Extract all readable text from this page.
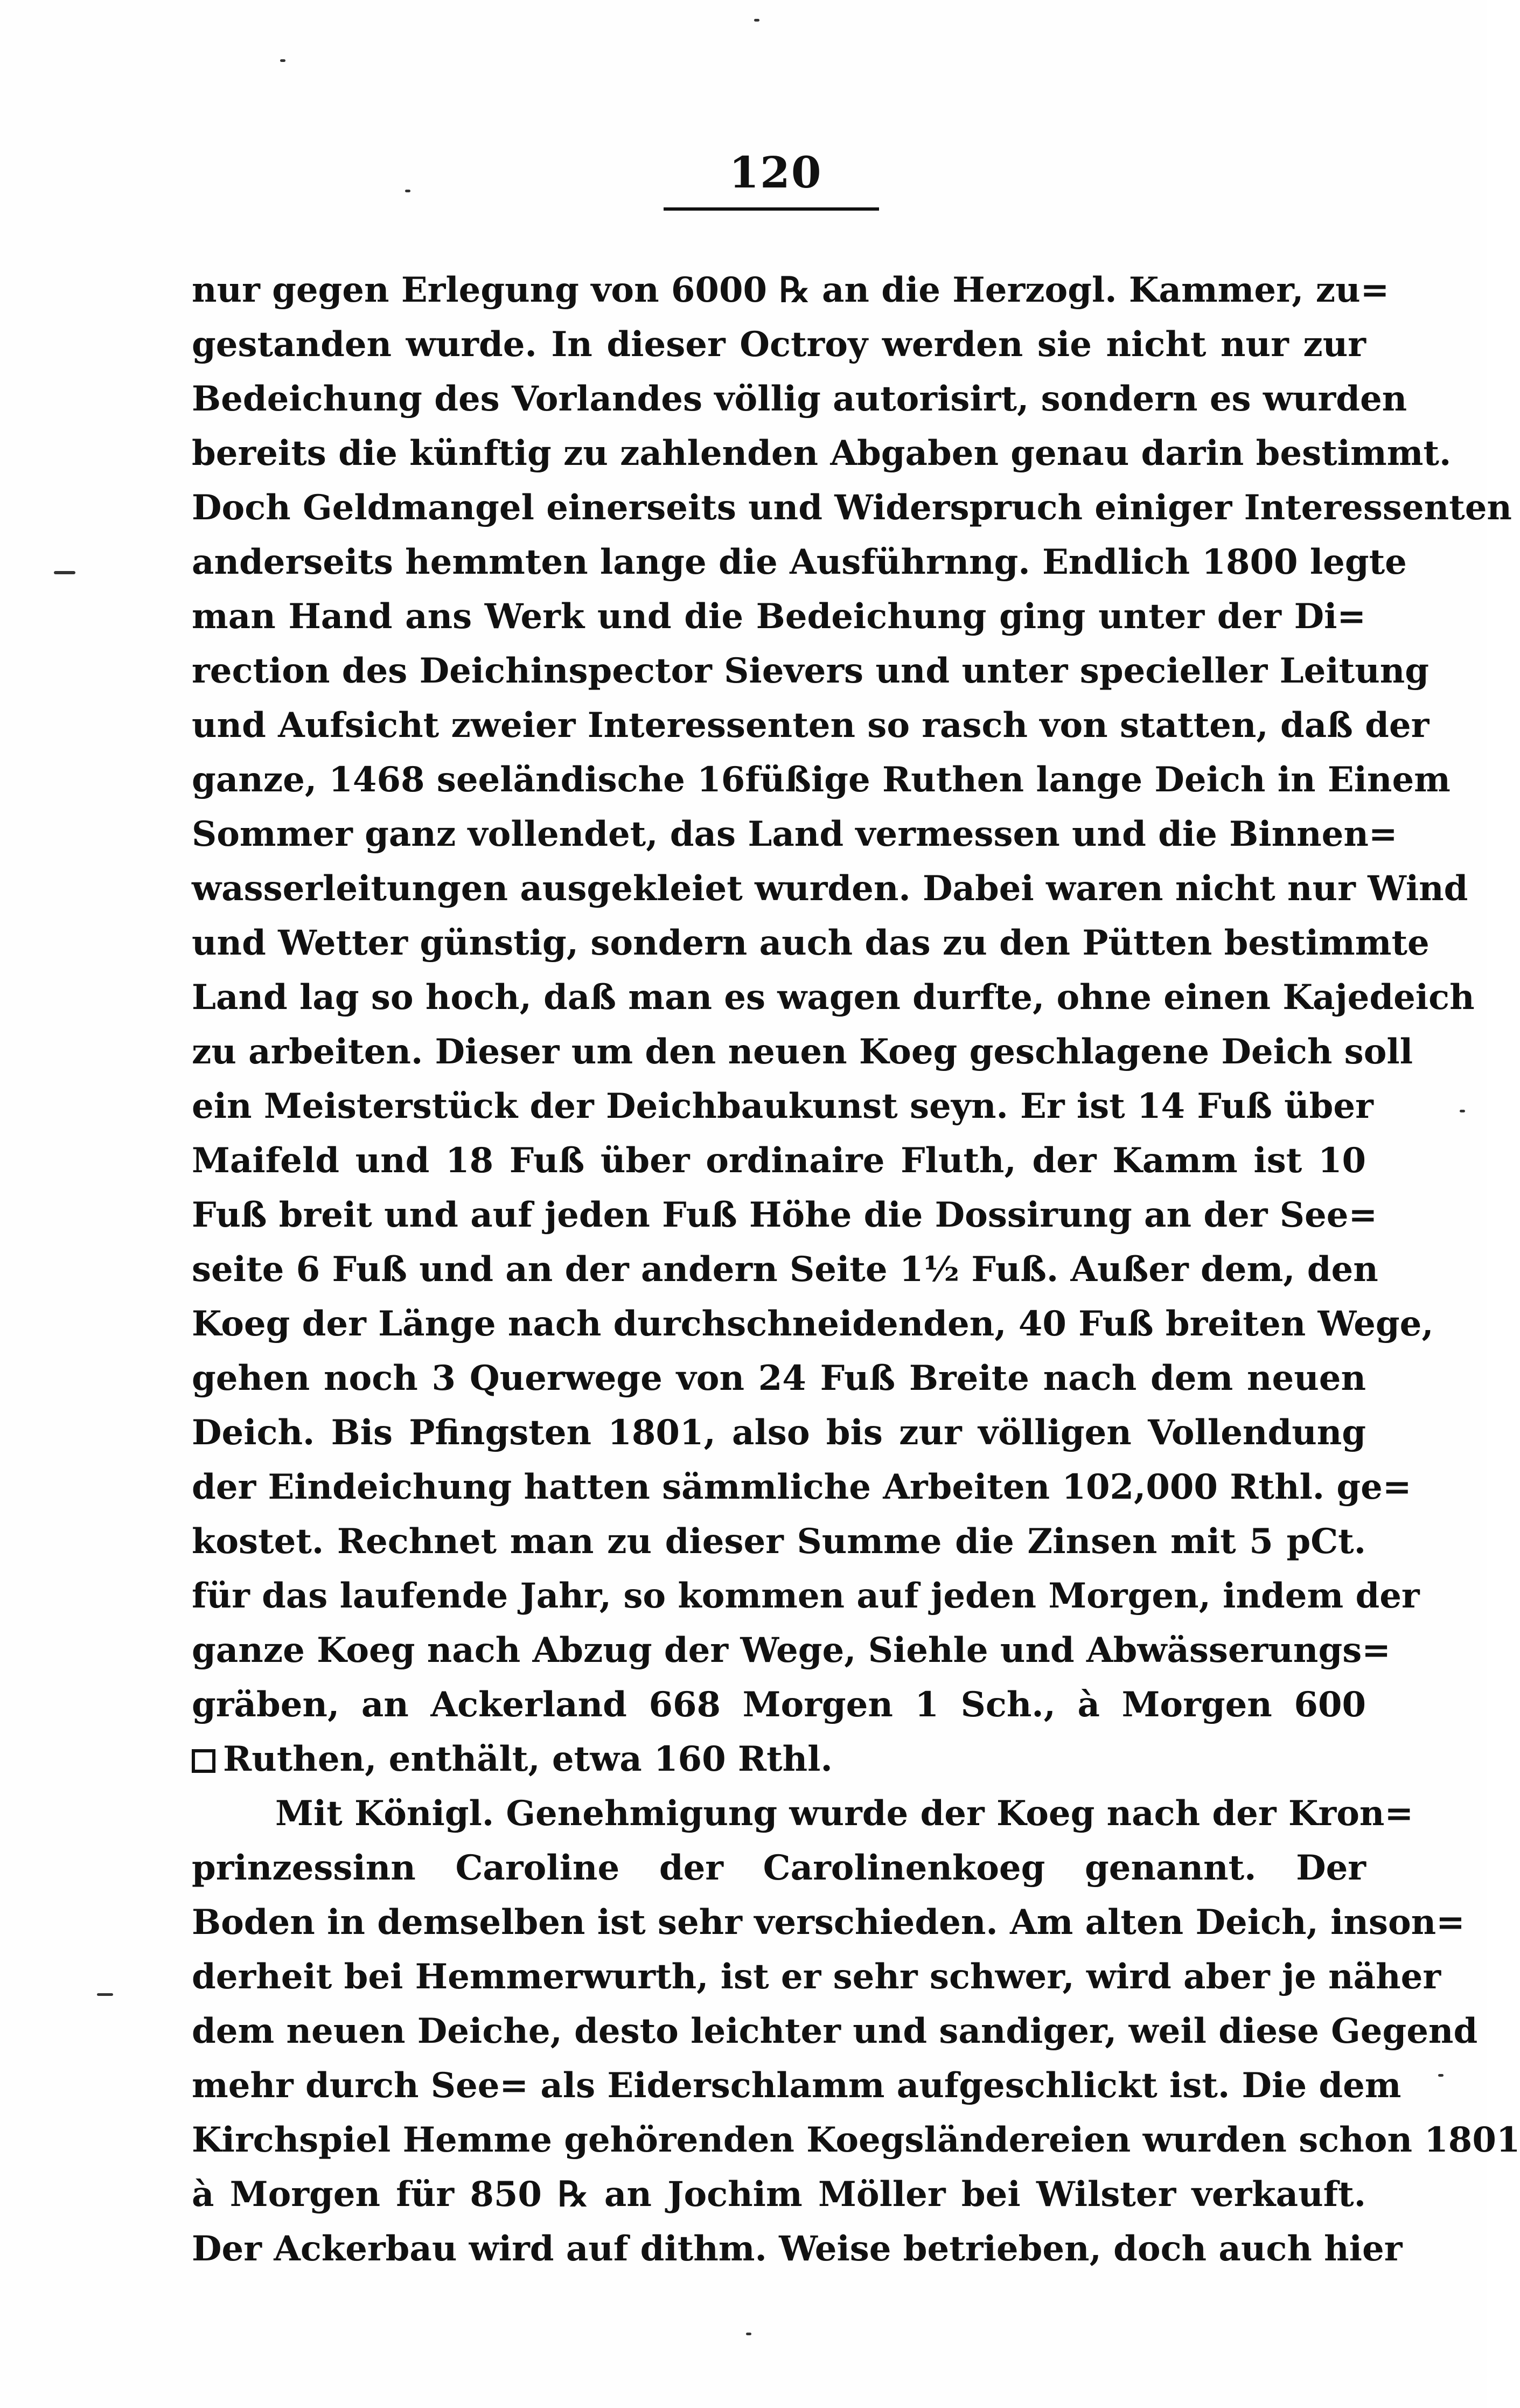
120
nur gegen Erlegung von 6000 ℞ an die Herzogl. Kammer, zu=
gestanden wurde. In dieser Octroy werden sie nicht nur zur
Bedeichung des Vorlandes völlig autorisirt, sondern es wurden
bereits die künftig zu zahlenden Abgaben genau darin bestimmt.
Doch Geldmangel einerseits und Widerspruch einiger Interessenten
anderseits hemmten lange die Ausführnng. Endlich 1800 legte
man Hand ans Werk und die Bedeichung ging unter der Di=
rection des Deichinspector Sievers und unter specieller Leitung
und Aufsicht zweier Interessenten so rasch von statten, daß der
ganze, 1468 seeländische 16füßige Ruthen lange Deich in Einem
Sommer ganz vollendet, das Land vermessen und die Binnen=
wasserleitungen ausgekleiet wurden. Dabei waren nicht nur Wind
und Wetter günstig, sondern auch das zu den Pütten bestimmte
Land lag so hoch, daß man es wagen durfte, ohne einen Kajedeich
zu arbeiten. Dieser um den neuen Koeg geschlagene Deich soll
ein Meisterstück der Deichbaukunst seyn. Er ist 14 Fuß über
Maifeld und 18 Fuß über ordinaire Fluth, der Kamm ist 10
Fuß breit und auf jeden Fuß Höhe die Dossirung an der See=
seite 6 Fuß und an der andern Seite 1½ Fuß. Außer dem, den
Koeg der Länge nach durchschneidenden, 40 Fuß breiten Wege,
gehen noch 3 Querwege von 24 Fuß Breite nach dem neuen
Deich. Bis Pfingsten 1801, also bis zur völligen Vollendung
der Eindeichung hatten sämmliche Arbeiten 102,000 Rthl. ge=
kostet. Rechnet man zu dieser Summe die Zinsen mit 5 pCt.
für das laufende Jahr, so kommen auf jeden Morgen, indem der
ganze Koeg nach Abzug der Wege, Siehle und Abwässerungs=
gräben, an Ackerland 668 Morgen 1 Sch., à Morgen 600
Ruthen, enthält, etwa 160 Rthl.
Mit Königl. Genehmigung wurde der Koeg nach der Kron=
prinzessinn Caroline der Carolinenkoeg genannt. Der
Boden in demselben ist sehr verschieden. Am alten Deich, inson=
derheit bei Hemmerwurth, ist er sehr schwer, wird aber je näher
dem neuen Deiche, desto leichter und sandiger, weil diese Gegend
mehr durch See= als Eiderschlamm aufgeschlickt ist. Die dem
Kirchspiel Hemme gehörenden Koegsländereien wurden schon 1801
à Morgen für 850 ℞ an Jochim Möller bei Wilster verkauft.
Der Ackerbau wird auf dithm. Weise betrieben, doch auch hier
